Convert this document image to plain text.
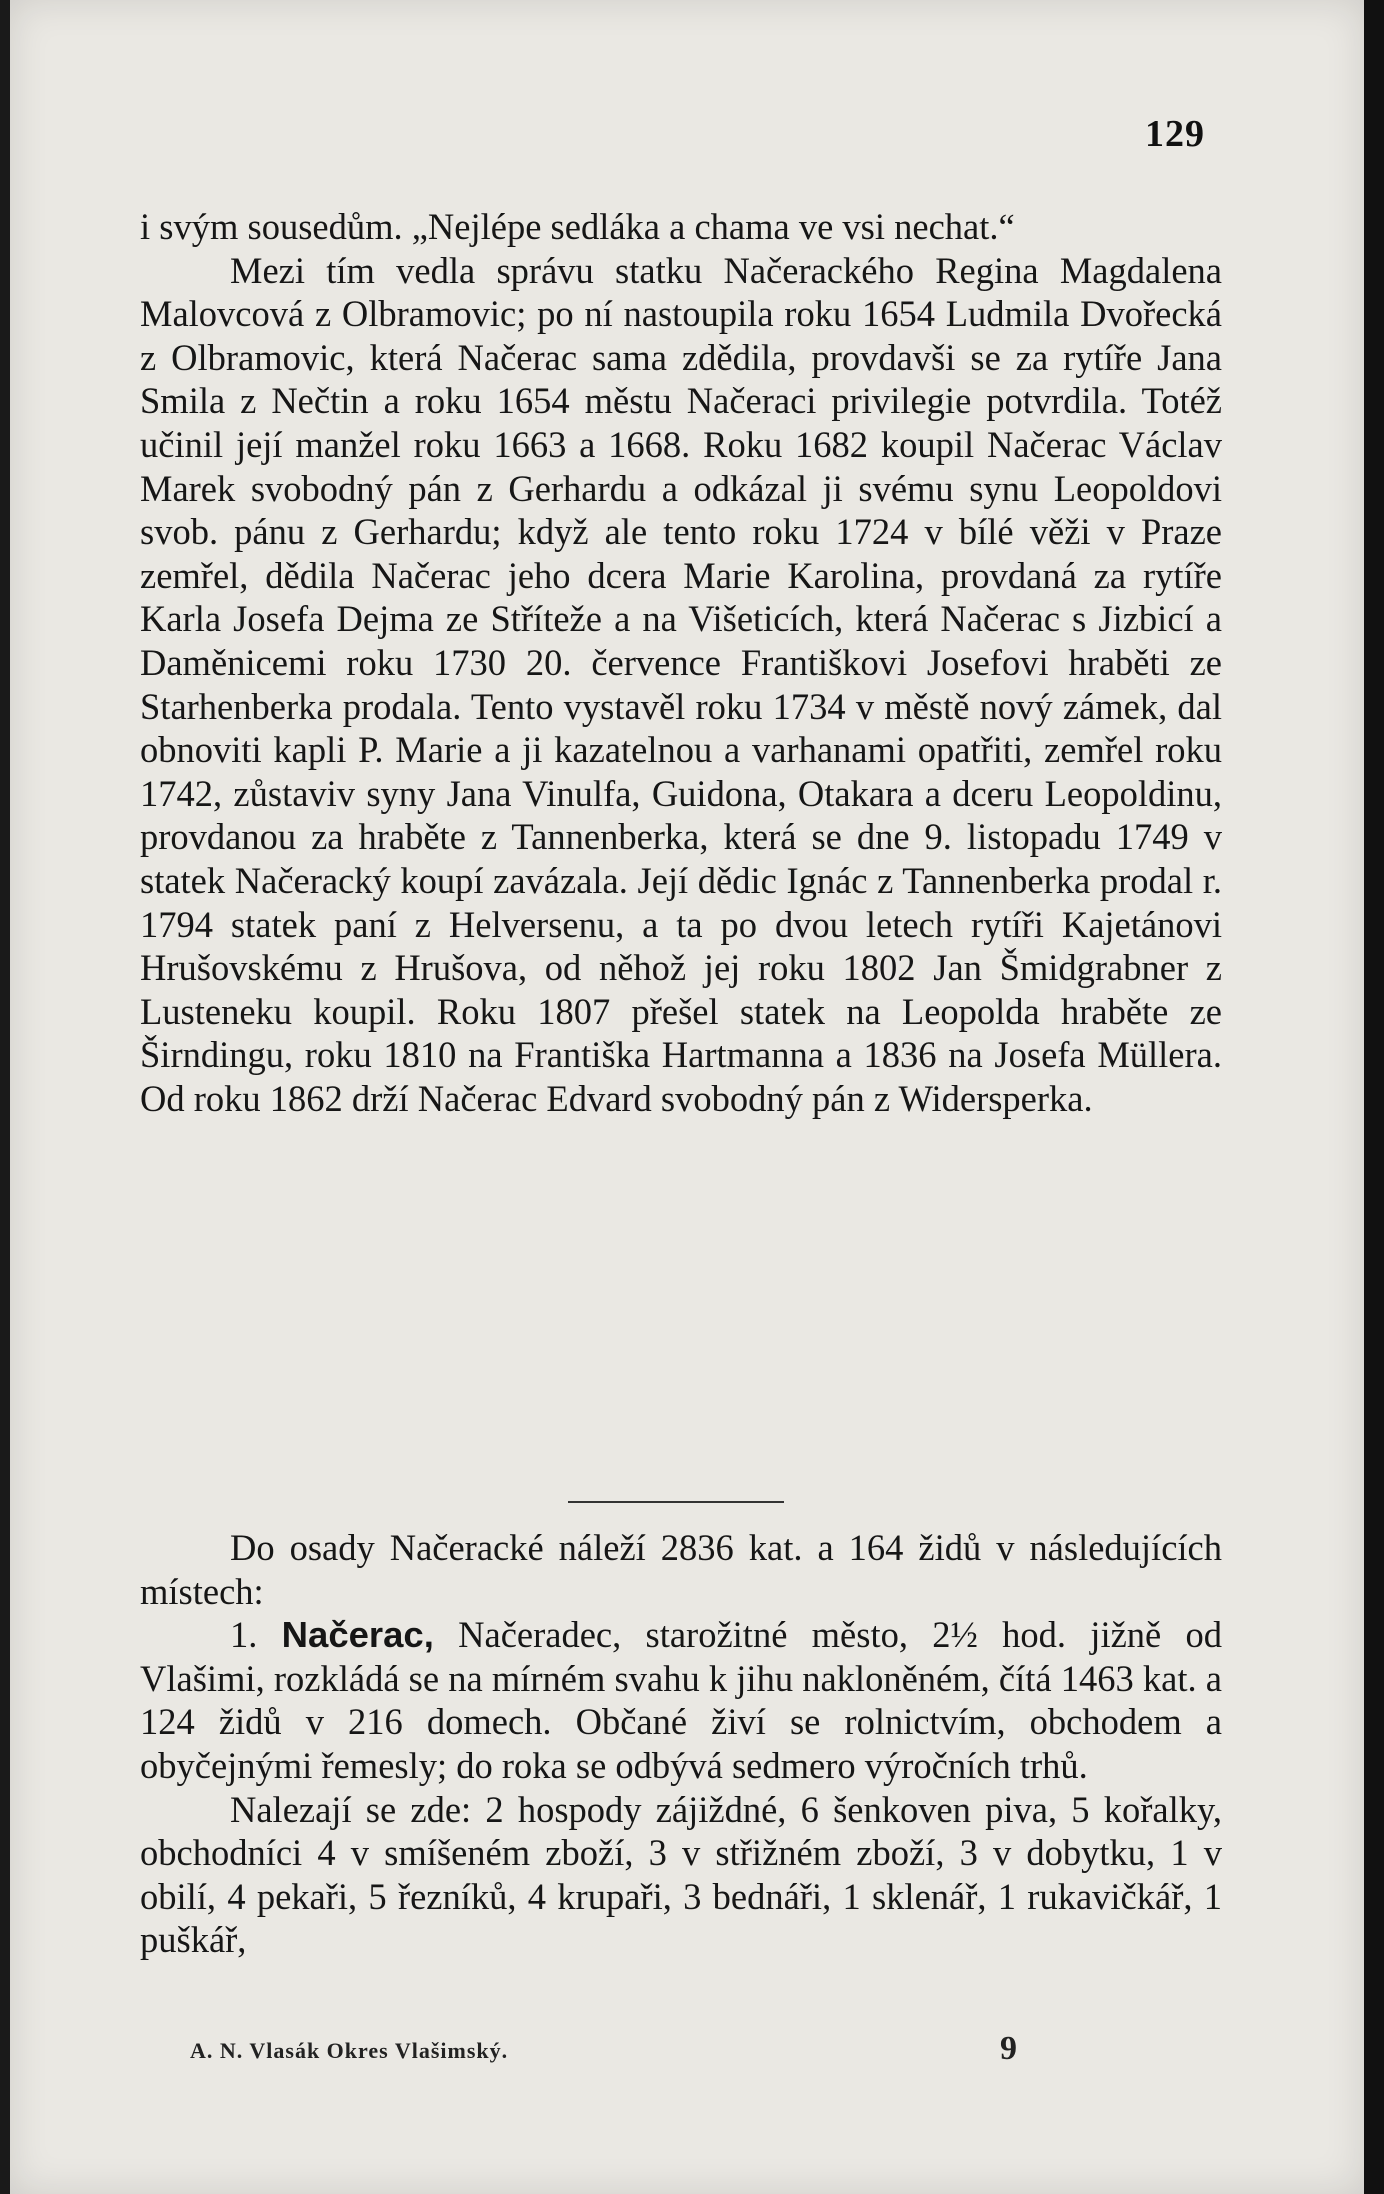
129

i svým sousedům. „Nejlépe sedláka a chama ve vsi nechat.“

Mezi tím vedla správu statku Načerackého Regina Magdalena Malovcová z Olbramovic; po ní nastoupila roku 1654 Ludmila Dvořecká z Olbramovic, která Načerac sama zdědila, provdavši se za rytíře Jana Smila z Nečtin a roku 1654 městu Načeraci privilegie potvrdila. Totéž učinil její manžel roku 1663 a 1668. Roku 1682 koupil Načerac Václav Marek svobodný pán z Gerhardu a odkázal ji svému synu Leopoldovi svob. pánu z Gerhardu; když ale tento roku 1724 v bílé věži v Praze zemřel, dědila Načerac jeho dcera Marie Karolina, provdaná za rytíře Karla Josefa Dejma ze Stříteže a na Višeticích, která Načerac s Jizbicí a Daměnicemi roku 1730 20. července Františkovi Josefovi hraběti ze Starhenberka prodala. Tento vystavěl roku 1734 v městě nový zámek, dal obnoviti kapli P. Marie a ji kazatelnou a varhanami opatřiti, zemřel roku 1742, zůstaviv syny Jana Vinulfa, Guidona, Otakara a dceru Leopoldinu, provdanou za hraběte z Tannenberka, která se dne 9. listopadu 1749 v statek Načeracký koupí zavázala. Její dědic Ignác z Tannenberka prodal r. 1794 statek paní z Helversenu, a ta po dvou letech rytíři Kajetánovi Hrušovskému z Hrušova, od něhož jej roku 1802 Jan Šmidgrabner z Lusteneku koupil. Roku 1807 přešel statek na Leopolda hraběte ze Širndingu, roku 1810 na Františka Hartmanna a 1836 na Josefa Müllera. Od roku 1862 drží Načerac Edvard svobodný pán z Widersperka.

Do osady Načeracké náleží 2836 kat. a 164 židů v následujících místech:

1. Načerac, Načeradec, starožitné město, 2½ hod. jižně od Vlašimi, rozkládá se na mírném svahu k jihu nakloněném, čítá 1463 kat. a 124 židů v 216 domech. Občané živí se rolnictvím, obchodem a obyčejnými řemesly; do roka se odbývá sedmero výročních trhů.

Nalezají se zde: 2 hospody zájiždné, 6 šenkoven piva, 5 kořalky, obchodníci 4 v smíšeném zboží, 3 v střižném zboží, 3 v dobytku, 1 v obilí, 4 pekaři, 5 řezníků, 4 krupaři, 3 bednáři, 1 sklenář, 1 rukavičkář, 1 puškář,

A. N. Vlasák Okres Vlašimský.	9
